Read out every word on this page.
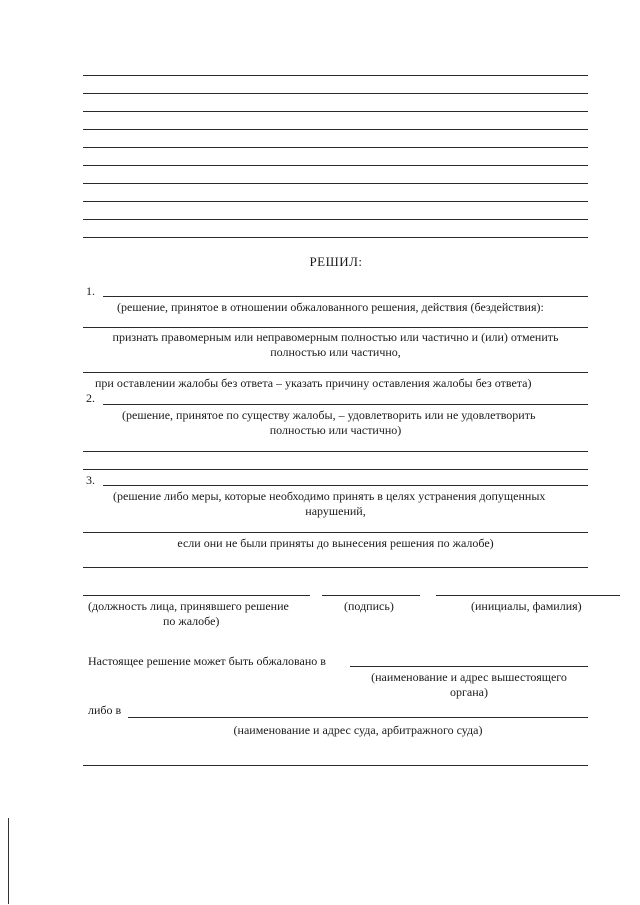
РЕШИЛ:
1.
(решение, принятое в отношении обжалованного решения, действия (бездействия):
признать правомерным или неправомерным полностью или частично и (или) отменить
полностью или частично,
при оставлении жалобы без ответа – указать причину оставления жалобы без ответа)
2.
(решение, принятое по существу жалобы, – удовлетворить или не удовлетворить
полностью или частично)
3.
(решение либо меры, которые необходимо принять в целях устранения допущенных
нарушений,
если они не были приняты до вынесения решения по жалобе)
(должность лица, принявшего решение
по жалобе)
(подпись)	(инициалы, фамилия)
Настоящее решение может быть обжаловано в
(наименование и адрес вышестоящего
органа)
либо в
(наименование и адрес суда, арбитражного суда)
